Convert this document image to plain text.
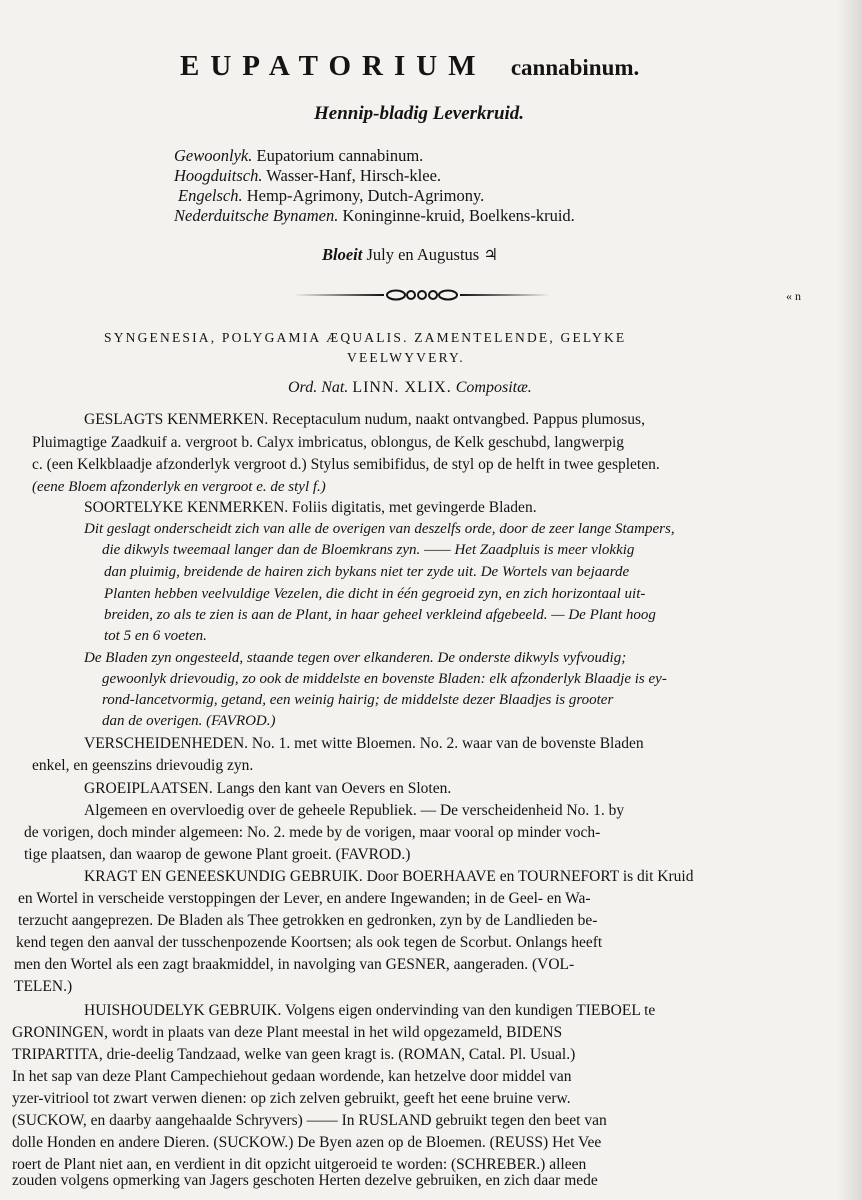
EUPATORIUM cannabinum.
Hennip-bladig Leverkruid.
Gewoonlyk. Eupatorium cannabinum.
Hoogduitsch. Wasser-Hanf, Hirsch-klee.
Engelsch. Hemp-Agrimony, Dutch-Agrimony.
Nederduitsche Bynamen. Koninginne-kruid, Boelkens-kruid.
Bloeit July en Augustus ♃
« n
SYNGENESIA, POLYGAMIA ÆQUALIS. ZAMENTELENDE, GELYKE
VEELWYVERY.
Ord. Nat. LINN. XLIX. Compositæ.
GESLAGTS KENMERKEN. Receptaculum nudum, naakt ontvangbed. Pappus plumosus,
Pluimagtige Zaadkuif a. vergroot b. Calyx imbricatus, oblongus, de Kelk geschubd, langwerpig
c. (een Kelkblaadje afzonderlyk vergroot d.) Stylus semibifidus, de styl op de helft in twee gespleten.
(eene Bloem afzonderlyk en vergroot e. de styl f.)
SOORTELYKE KENMERKEN. Foliis digitatis, met gevingerde Bladen.
Dit geslagt onderscheidt zich van alle de overigen van deszelfs orde, door de zeer lange Stampers,
die dikwyls tweemaal langer dan de Bloemkrans zyn. —— Het Zaadpluis is meer vlokkig
dan pluimig, breidende de hairen zich bykans niet ter zyde uit. De Wortels van bejaarde
Planten hebben veelvuldige Vezelen, die dicht in één gegroeid zyn, en zich horizontaal uit-
breiden, zo als te zien is aan de Plant, in haar geheel verkleind afgebeeld. — De Plant hoog
tot 5 en 6 voeten.
De Bladen zyn ongesteeld, staande tegen over elkanderen. De onderste dikwyls vyfvoudig;
gewoonlyk drievoudig, zo ook de middelste en bovenste Bladen: elk afzonderlyk Blaadje is ey-
rond-lancetvormig, getand, een weinig hairig; de middelste dezer Blaadjes is grooter
dan de overigen. (FAVROD.)
VERSCHEIDENHEDEN. No. 1. met witte Bloemen. No. 2. waar van de bovenste Bladen
enkel, en geenszins drievoudig zyn.
GROEIPLAATSEN. Langs den kant van Oevers en Sloten.
Algemeen en overvloedig over de geheele Republiek. — De verscheidenheid No. 1. by
de vorigen, doch minder algemeen: No. 2. mede by de vorigen, maar vooral op minder voch-
tige plaatsen, dan waarop de gewone Plant groeit. (FAVROD.)
KRAGT EN GENEESKUNDIG GEBRUIK. Door BOERHAAVE en TOURNEFORT is dit Kruid
en Wortel in verscheide verstoppingen der Lever, en andere Ingewanden; in de Geel- en Wa-
terzucht aangeprezen. De Bladen als Thee getrokken en gedronken, zyn by de Landlieden be-
kend tegen den aanval der tusschenpozende Koortsen; als ook tegen de Scorbut. Onlangs heeft
men den Wortel als een zagt braakmiddel, in navolging van GESNER, aangeraden. (VOL-
TELEN.)
HUISHOUDELYK GEBRUIK. Volgens eigen ondervinding van den kundigen TIEBOEL te
GRONINGEN, wordt in plaats van deze Plant meestal in het wild opgezameld, BIDENS
TRIPARTITA, drie-deelig Tandzaad, welke van geen kragt is. (ROMAN, Catal. Pl. Usual.)
In het sap van deze Plant Campechiehout gedaan wordende, kan hetzelve door middel van
yzer-vitriool tot zwart verwen dienen: op zich zelven gebruikt, geeft het eene bruine verw.
(SUCKOW, en daarby aangehaalde Schryvers) —— In RUSLAND gebruikt tegen den beet van
dolle Honden en andere Dieren. (SUCKOW.) De Byen azen op de Bloemen. (REUSS) Het Vee
roert de Plant niet aan, en verdient in dit opzicht uitgeroeid te worden: (SCHREBER.) alleen
zouden volgens opmerking van Jagers geschoten Herten dezelve gebruiken, en zich daar mede
